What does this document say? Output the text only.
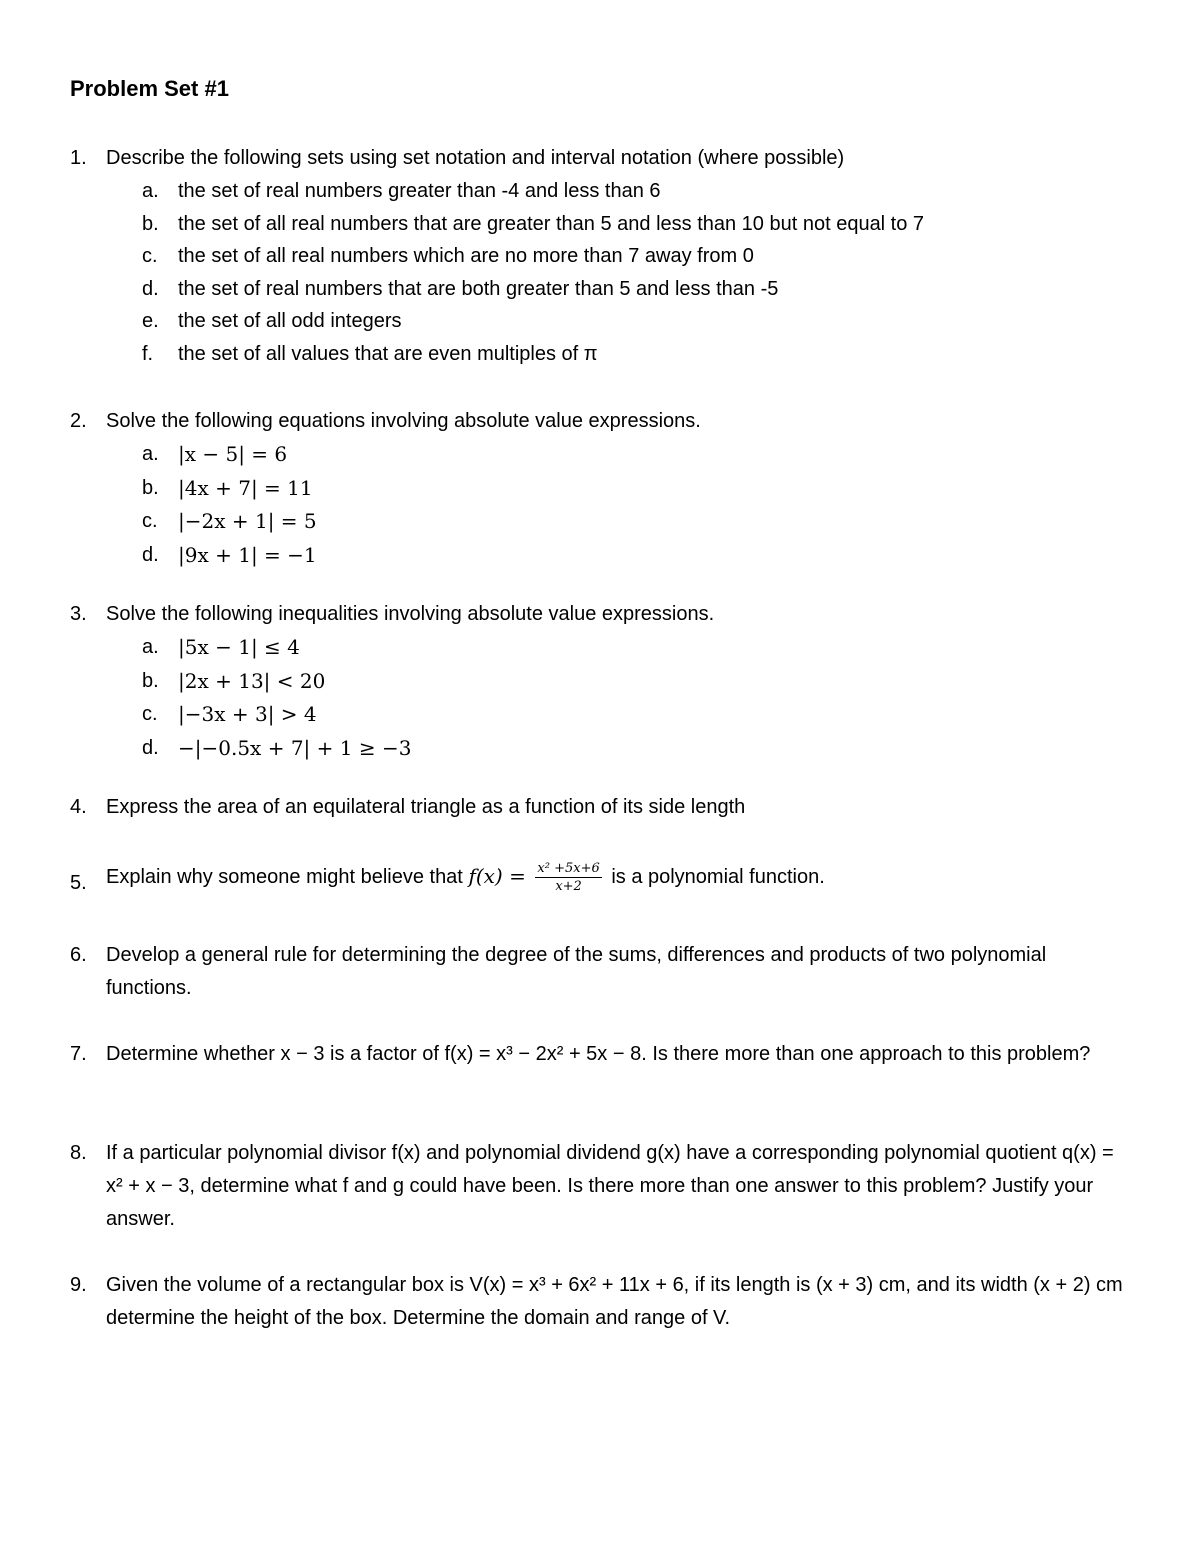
Problem Set #1
1. Describe the following sets using set notation and interval notation (where possible)
a. the set of real numbers greater than -4 and less than 6
b. the set of all real numbers that are greater than 5 and less than 10 but not equal to 7
c.	the set of all real numbers which are no more than 7 away from 0
d. the set of real numbers that are both greater than 5 and less than -5
e. the set of all odd integers
f.	the set of all values that are even multiples of π
2. Solve the following equations involving absolute value expressions.
a. |x − 5| = 6
b. |4x + 7| = 11
c.	|−2x + 1| = 5
d. |9x + 1| = −1
3. Solve the following inequalities involving absolute value expressions.
a. |5x − 1| ≤ 4
b. |2x + 13| < 20
c.	|−3x + 3| > 4
d. −|−0.5x + 7| + 1 ≥ −3
4. Express the area of an equilateral triangle as a function of its side length
5. Explain why someone might believe that $f(x) = \frac{\text{x² +5x+6}}{x+2}$ is a polynomial function.
6. Develop a general rule for determining the degree of the sums, differences and products of two polynomial functions.
7. Determine whether x − 3 is a factor of f(x) = x³ − 2x² + 5x − 8. Is there more than one approach to this problem?
8. If a particular polynomial divisor f(x) and polynomial dividend g(x) have a corresponding polynomial quotient q(x) = x² + x − 3, determine what f and g could have been. Is there more than one answer to this problem? Justify your answer.
9. Given the volume of a rectangular box is V(x) = x³ + 6x² + 11x + 6, if its length is (x + 3) cm, and its width (x + 2) cm determine the height of the box. Determine the domain and range of V.
